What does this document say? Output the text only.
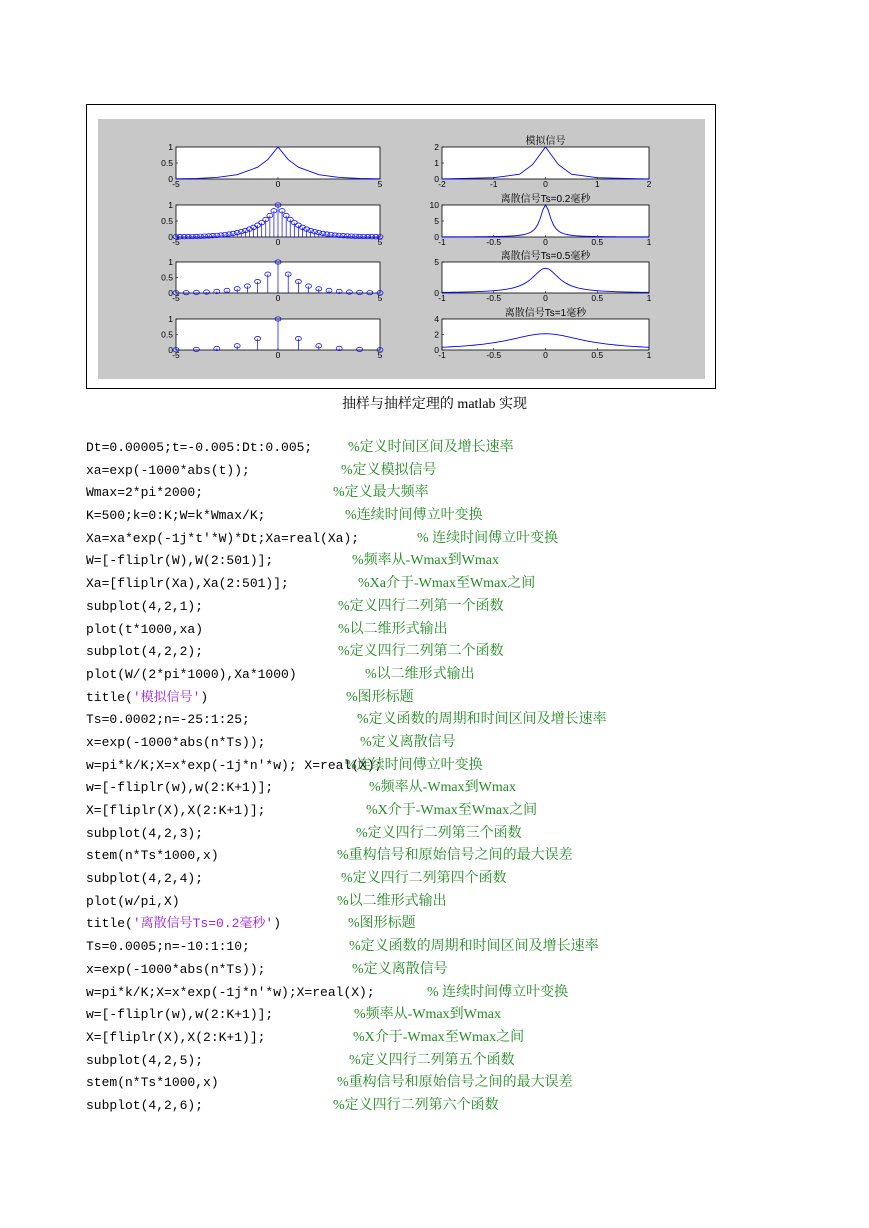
-5	0	5
0
0.5
1
-2	-1	0	1	2
0
1
2	模拟信号
-5	0	5
0
0.5
1
-1	-0.5	0	0.5	1
0
5
10	离散信号Ts=0.2毫秒
-5	0	5
0
0.5
1
-1	-0.5	0	0.5	1
0
5	离散信号Ts=0.5毫秒
-5	0	5
0
0.5
1
-1	-0.5	0	0.5	1
0
2
4	离散信号Ts=1毫秒
抽样与抽样定理的 matlab 实现
Dt=0.00005;t=-0.005:Dt:0.005;	%定义时间区间及增长速率
xa=exp(-1000*abs(t));	%定义模拟信号
Wmax=2*pi*2000;	%定义最大频率
K=500;k=0:K;W=k*Wmax/K;	%连续时间傅立叶变换
Xa=xa*exp(-1j*t'*W)*Dt;Xa=real(Xa);	% 连续时间傅立叶变换
W=[-fliplr(W),W(2:501)];	%频率从-Wmax到Wmax
Xa=[fliplr(Xa),Xa(2:501)];	%Xa介于-Wmax至Wmax之间
subplot(4,2,1);	%定义四行二列第一个函数
plot(t*1000,xa)	%以二维形式输出
subplot(4,2,2);	%定义四行二列第二个函数
plot(W/(2*pi*1000),Xa*1000)	%以二维形式输出
title('模拟信号')	%图形标题
Ts=0.0002;n=-25:1:25;	%定义函数的周期和时间区间及增长速率
x=exp(-1000*abs(n*Ts));	%定义离散信号
w=pi*k/K;X=x*exp(-1j*n'*w); X=real(X);
%连续时间傅立叶变换
w=[-fliplr(w),w(2:K+1)];	%频率从-Wmax到Wmax
X=[fliplr(X),X(2:K+1)];	%X介于-Wmax至Wmax之间
subplot(4,2,3);	%定义四行二列第三个函数
stem(n*Ts*1000,x)	%重构信号和原始信号之间的最大误差
subplot(4,2,4);	%定义四行二列第四个函数
plot(w/pi,X)	%以二维形式输出
title('离散信号Ts=0.2毫秒')	%图形标题
Ts=0.0005;n=-10:1:10;	%定义函数的周期和时间区间及增长速率
x=exp(-1000*abs(n*Ts));	%定义离散信号
w=pi*k/K;X=x*exp(-1j*n'*w);X=real(X);	% 连续时间傅立叶变换
w=[-fliplr(w),w(2:K+1)];	%频率从-Wmax到Wmax
X=[fliplr(X),X(2:K+1)];	%X介于-Wmax至Wmax之间
subplot(4,2,5);	%定义四行二列第五个函数
stem(n*Ts*1000,x)	%重构信号和原始信号之间的最大误差
subplot(4,2,6);	%定义四行二列第六个函数
